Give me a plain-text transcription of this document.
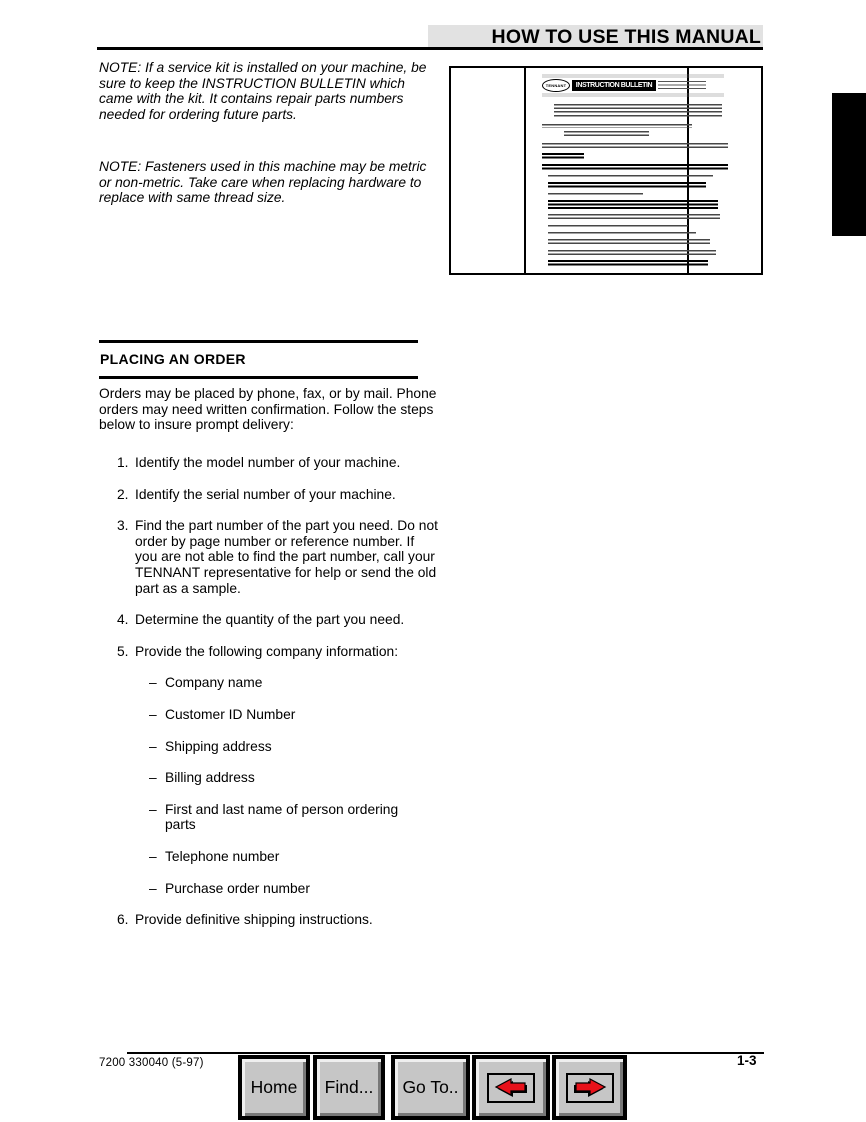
HOW TO USE THIS MANUAL
NOTE: If a service kit is installed on your machine, be sure to keep the INSTRUCTION BULLETIN which came with the kit. It contains repair parts numbers needed for ordering future parts.
NOTE: Fasteners used in this machine may be metric or non-metric. Take care when replacing hardware to replace with same thread size.
TENNANT	INSTRUCTION BULLETIN
PLACING AN ORDER
Orders may be placed by phone, fax, or by mail. Phone orders may need written confirmation. Follow the steps below to insure prompt delivery:
1. Identify the model number of your machine.
2. Identify the serial number of your machine.
3. Find the part number of the part you need. Do not order by page number or reference number. If you are not able to find the part number, call your TENNANT representative for help or send the old part as a sample.
4. Determine the quantity of the part you need.
5. Provide the following company information:
– Company name
– Customer ID Number
– Shipping address
– Billing address
– First and last name of person ordering parts
– Telephone number
– Purchase order number
6. Provide definitive shipping instructions.
7200 330040 (5-97)	1-3
Home	Find...	Go To..
